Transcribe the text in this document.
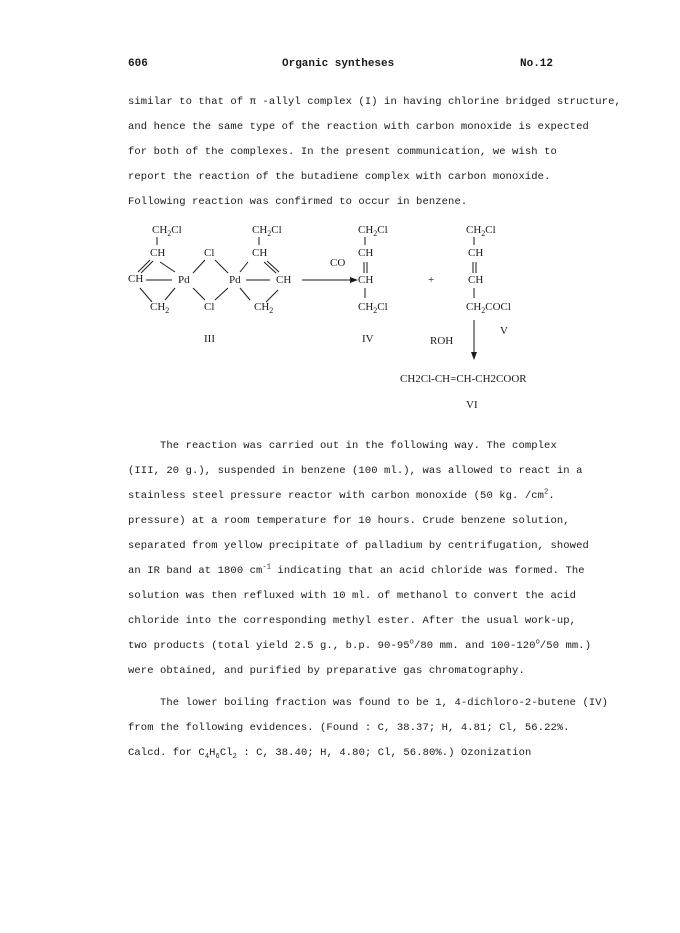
606	Organic syntheses	No.12
similar to that of π -allyl complex (I) in having chlorine bridged structure,
and hence the same type of the reaction with carbon monoxide is expected
for both of the complexes. In the present communication, we wish to
report the reaction of the butadiene complex with carbon monoxide.
Following reaction was confirmed to occur in benzene.
$CH_2Cl$
CH
CH
$CH_2$
Pd
Cl
Cl
Pd
$CH_2Cl$
CH
CH
$CH_2$
III
CO
$CH_2Cl$
CH
CH
$CH_2Cl$
IV
+
$CH_2Cl$
CH
CH
$CH_2COCl$
ROH
V
CH2Cl-CH=CH-CH2COOR
VI
The reaction was carried out in the following way. The complex
(III, 20 g.), suspended in benzene (100 ml.), was allowed to react in a
stainless steel pressure reactor with carbon monoxide (50 kg. $/cm^2$.
pressure) at a room temperature for 10 hours. Crude benzene solution,
separated from yellow precipitate of palladium by centrifugation, showed
an IR band at 1800 $cm^{-1}$ indicating that an acid chloride was formed. The
solution was then refluxed with 10 ml. of methanol to convert the acid
chloride into the corresponding methyl ester. After the usual work-up,
two products (total yield 2.5 g., b.p. 90-95$^o$/80 mm. and 100-120$^o$/50 mm.)
were obtained, and purified by preparative gas chromatography.
The lower boiling fraction was found to be 1, 4-dichloro-2-butene (IV)
from the following evidences. (Found : C, 38.37; H, 4.81; Cl, 56.22%.
Calcd. for $C_4H_6Cl_2$ : C, 38.40; H, 4.80; Cl, 56.80%.) Ozonization
